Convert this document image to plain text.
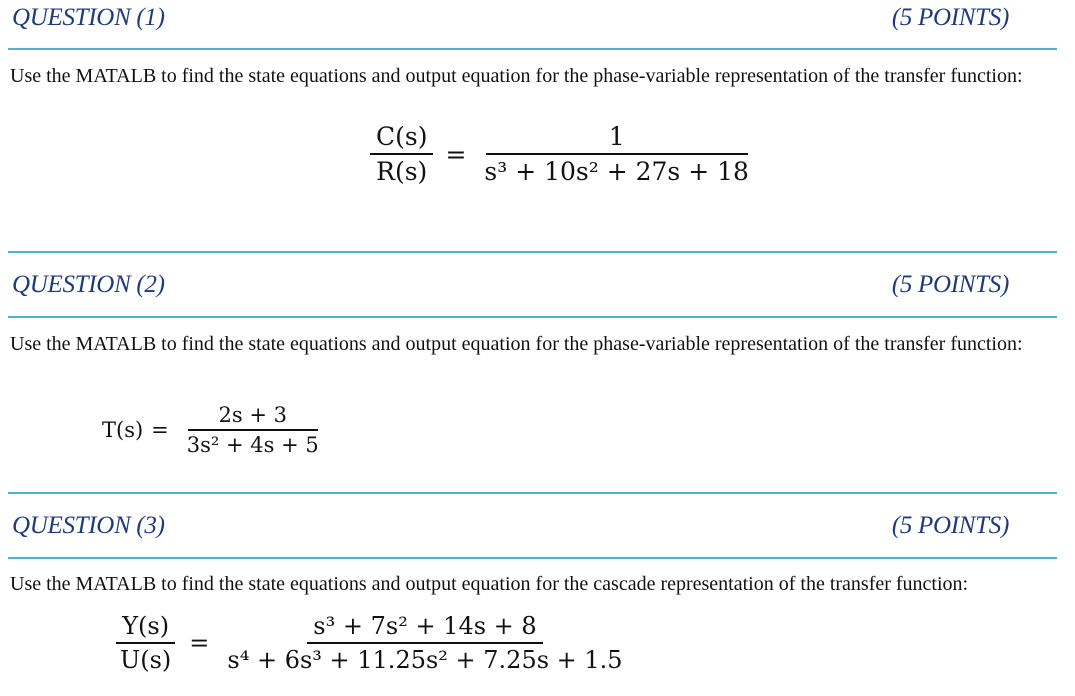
QUESTION (1)	(5 POINTS)
Use the MATALB to find the state equations and output equation for the phase-variable representation of the transfer function:
$\frac{C(s)}{R(s)} = \frac{1}{\text{s³ + 10s² + 27s + 18}}$
QUESTION (2)	(5 POINTS)
Use the MATALB to find the state equations and output equation for the phase-variable representation of the transfer function:
$T(s) = \frac{2s + 3}{\text{3s² + 4s + 5}}$
QUESTION (3)	(5 POINTS)
Use the MATALB to find the state equations and output equation for the cascade representation of the transfer function:
$\frac{Y(s)}{U(s)} = \frac{\text{s³ + 7s² + 14s + 8}}{\text{s⁴ + 6s³ + 11.25s² + 7.25s + 1.5}}$
